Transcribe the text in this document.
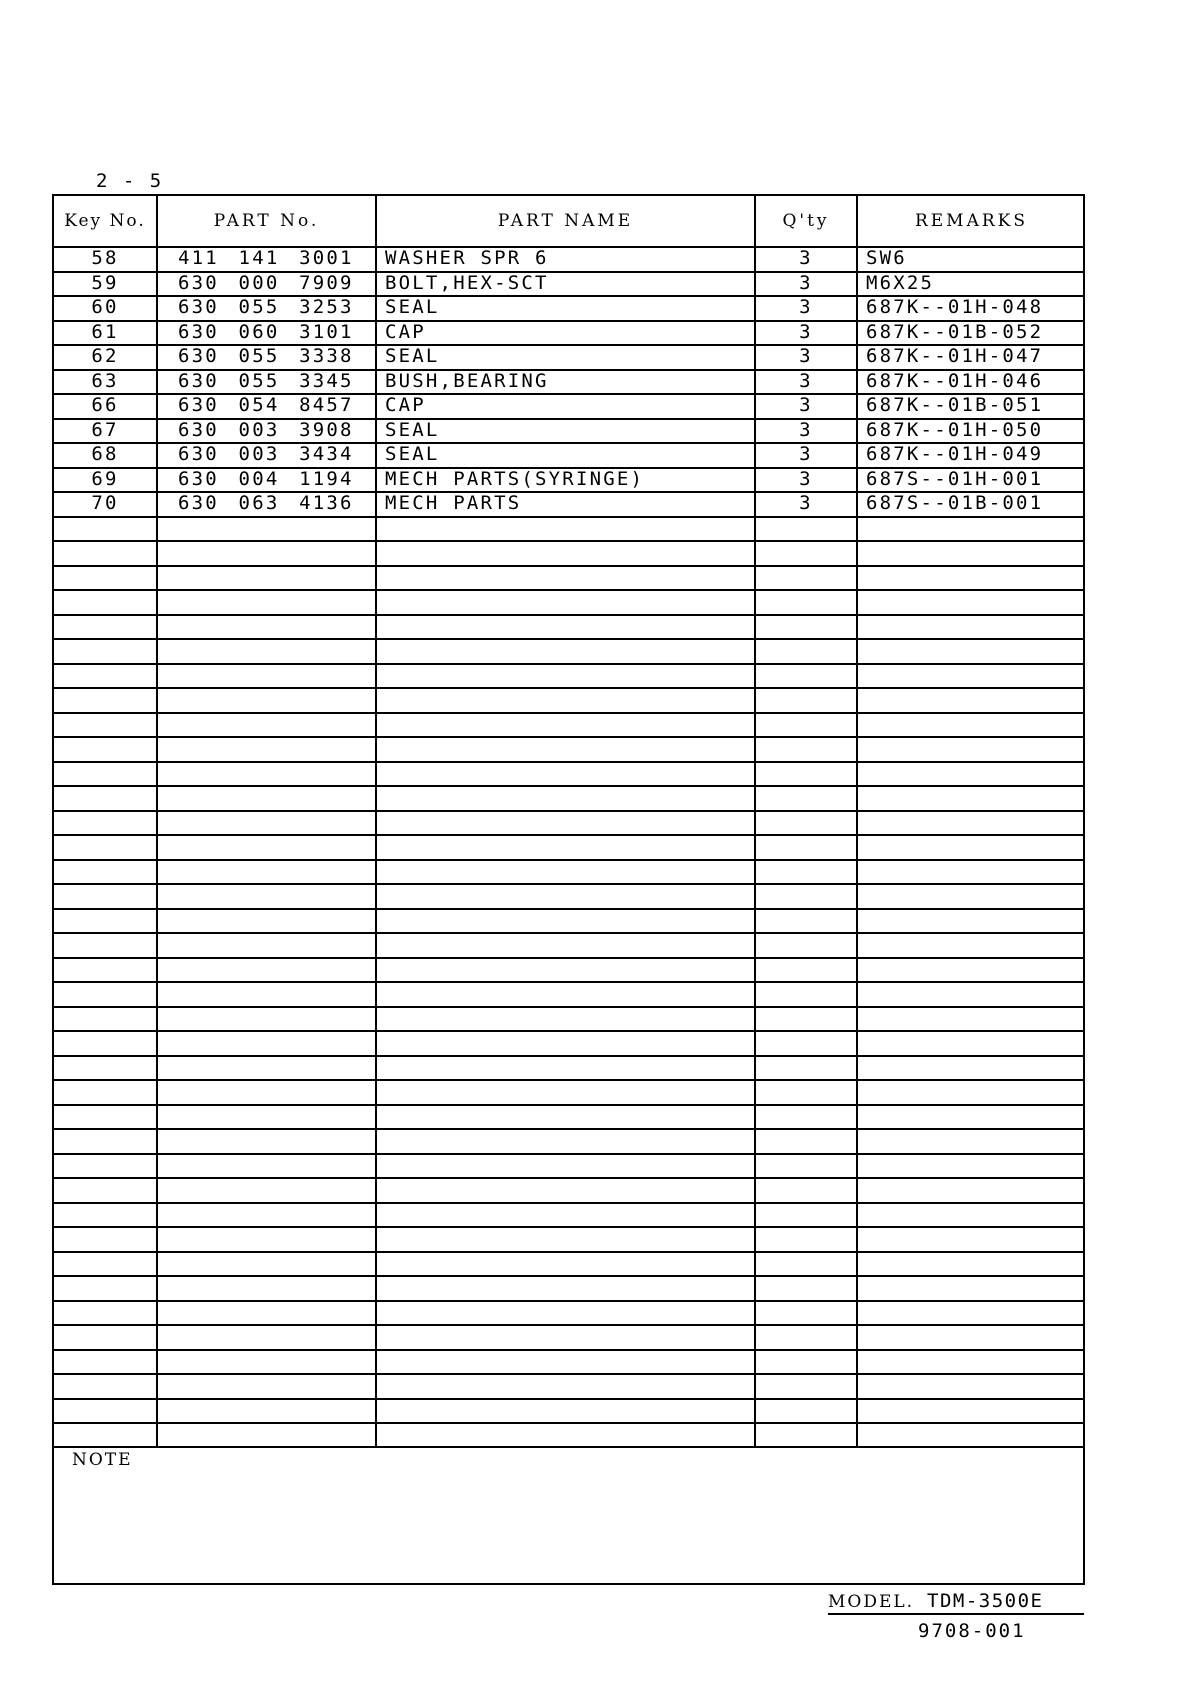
2 - 5
Key No.	PART No.	PART NAME	Q'ty	REMARKS
58	411 141 3001	WASHER SPR 6	3	SW6
59	630 000 7909	BOLT,HEX-SCT	3	M6X25
60	630 055 3253	SEAL	3	687K--01H-048
61	630 060 3101	CAP	3	687K--01B-052
62	630 055 3338	SEAL	3	687K--01H-047
63	630 055 3345	BUSH,BEARING	3	687K--01H-046
66	630 054 8457	CAP	3	687K--01B-051
67	630 003 3908	SEAL	3	687K--01H-050
68	630 003 3434	SEAL	3	687K--01H-049
69	630 004 1194	MECH PARTS(SYRINGE)	3	687S--01H-001
70	630 063 4136	MECH PARTS	3	687S--01B-001
NOTE
MODEL. TDM-3500E
9708-001
